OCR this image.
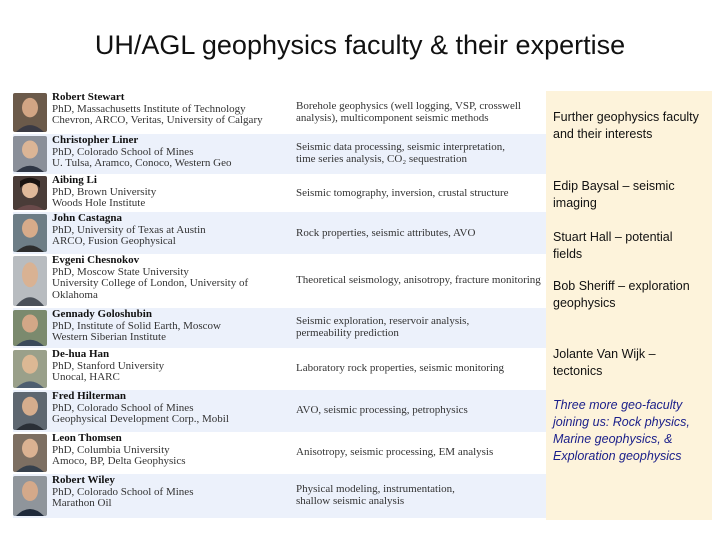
UH/AGL geophysics faculty & their expertise
Robert Stewart
PhD, Massachusetts Institute of Technology
Chevron, ARCO, Veritas, University of Calgary
Borehole geophysics (well logging, VSP, crosswell
analysis), multicomponent seismic methods
Christopher Liner
PhD, Colorado School of Mines
U. Tulsa, Aramco, Conoco, Western Geo
Seismic data processing, seismic interpretation,
time series analysis, CO₂ sequestration
Aibing Li
PhD, Brown University
Woods Hole Institute
Seismic tomography, inversion, crustal structure
John Castagna
PhD, University of Texas at Austin
ARCO, Fusion Geophysical
Rock properties, seismic attributes, AVO
Evgeni Chesnokov
PhD, Moscow State University
University College of London, University of
Oklahoma
Theoretical seismology, anisotropy, fracture monitoring
Gennady Goloshubin
PhD, Institute of Solid Earth, Moscow
Western Siberian Institute
Seismic exploration, reservoir analysis,
permeability prediction
De-hua Han
PhD, Stanford University
Unocal, HARC
Laboratory rock properties, seismic monitoring
Fred Hilterman
PhD, Colorado School of Mines
Geophysical Development Corp., Mobil
AVO, seismic processing, petrophysics
Leon Thomsen
PhD, Columbia University
Amoco, BP, Delta Geophysics
Anisotropy, seismic processing, EM analysis
Robert Wiley
PhD, Colorado School of Mines
Marathon Oil
Physical modeling, instrumentation,
shallow seismic analysis
Further geophysics faculty and their interests
Edip Baysal – seismic imaging
Stuart Hall – potential fields
Bob Sheriff – exploration geophysics
Jolante Van Wijk – tectonics
Three more geo-faculty joining us: Rock physics, Marine geophysics, & Exploration geophysics
